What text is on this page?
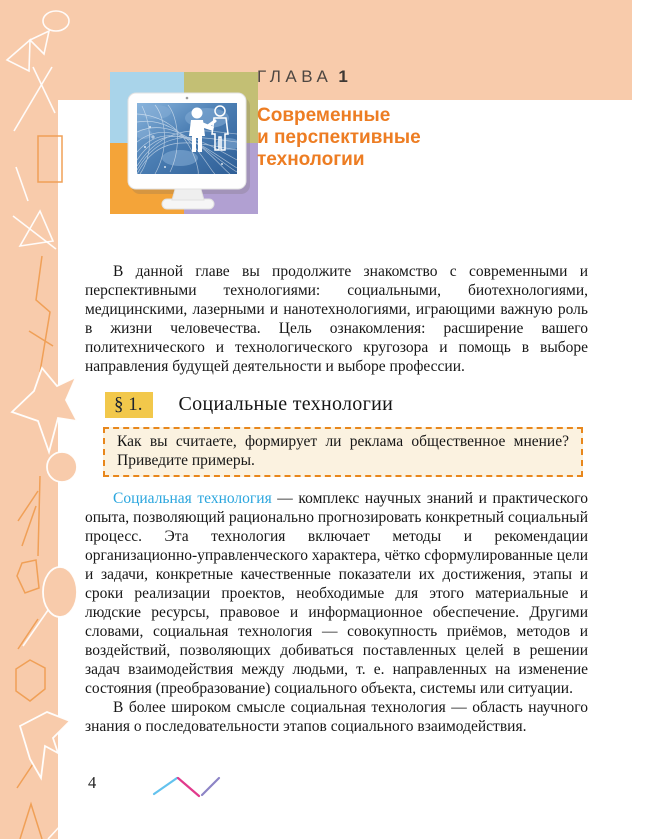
ГЛАВА 1
Современные
и перспективные
технологии

В данной главе вы продолжите знакомство с современными и перспективными технологиями: социальными, биотехнологиями, медицинскими, лазерными и нанотехнологиями, играющими важную роль в жизни человечества. Цель ознакомления: расширение вашего политехнического и технологического кругозора и помощь в выборе направления будущей деятельности и выборе профессии.

§ 1.	Социальные технологии
Как вы считаете, формирует ли реклама общественное мнение? Приведите примеры.

Социальная технология — комплекс научных знаний и практического опыта, позволяющий рационально прогнозировать конкретный социальный процесс. Эта технология включает методы и рекомендации организационно-управленческого характера, чётко сформулированные цели и задачи, конкретные качественные показатели их достижения, этапы и сроки реализации проектов, необходимые для этого материальные и людские ресурсы, правовое и информационное обеспечение. Другими словами, социальная технология — совокупность приёмов, методов и воздействий, позволяющих добиваться поставленных целей в решении задач взаимодействия между людьми, т. е. направленных на изменение состояния (преобразование) социального объекта, системы или ситуации.

В более широком смысле социальная технология — область научного знания о последовательности этапов социального взаимодействия.

4
